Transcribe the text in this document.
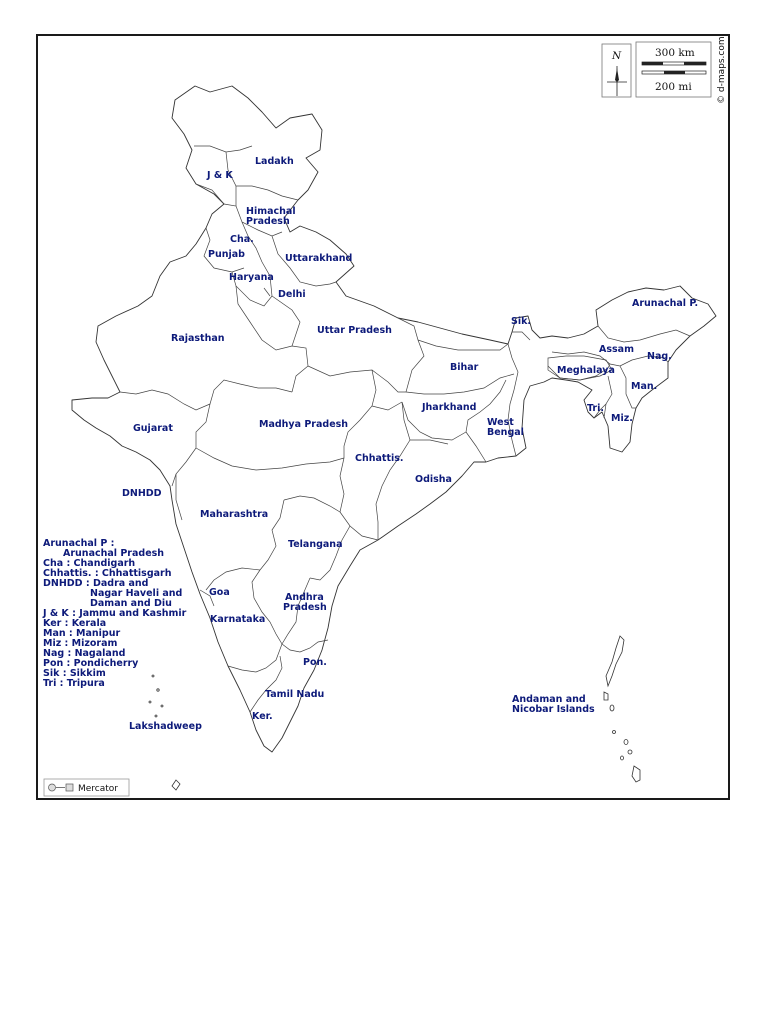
Ladakh
J & K
Himachal
Pradesh
Cha.
Punjab	Uttarakhand
Haryana
Delhi
Rajasthan
Uttar Pradesh
Bihar
Sik.
Arunachal P.
Assam
Nag.
Meghalaya
Man.
Tri.
Miz.
Gujarat	Madhya Pradesh
Jharkhand
West
Bengal
Chhattis.
Odisha
DNHDD
Maharashtra
Telangana
Goa	Andhra
Pradesh
Karnataka
Pon.
Tamil Nadu
Ker.
Lakshadweep
Andaman and
Nicobar Islands
Arunachal P :
Arunachal Pradesh
Cha : Chandigarh
Chhattis. : Chhattisgarh
DNHDD : Dadra and
Nagar Haveli and
Daman and Diu
J & K : Jammu and Kashmir
Ker : Kerala
Man : Manipur
Miz : Mizoram
Nag : Nagaland
Pon : Pondicherry
Sik : Sikkim
Tri : Tripura
N	300 km
200 mi	© d-maps.com
Mercator
